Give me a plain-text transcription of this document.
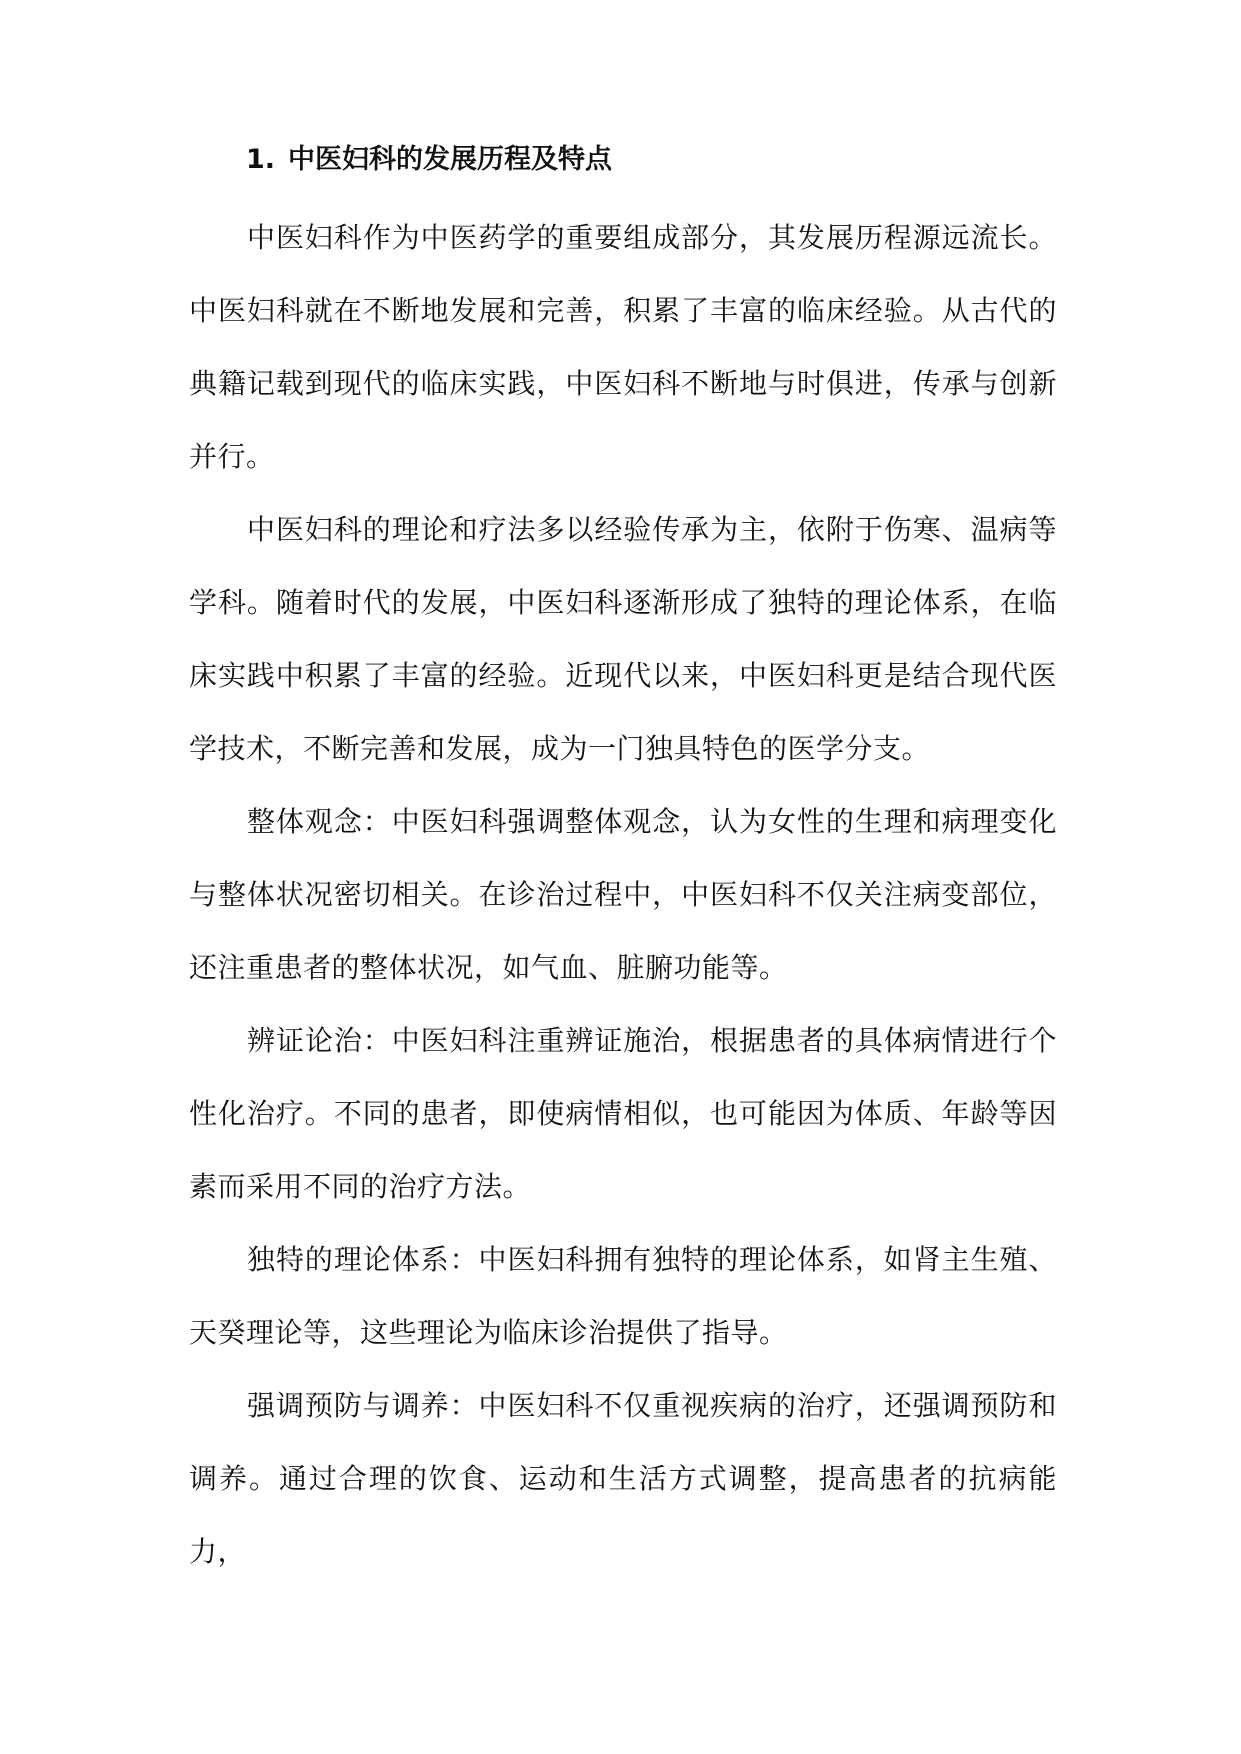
1. 中医妇科的发展历程及特点

中医妇科作为中医药学的重要组成部分，其发展历程源远流长。中医妇科就在不断地发展和完善，积累了丰富的临床经验。从古代的典籍记载到现代的临床实践，中医妇科不断地与时俱进，传承与创新并行。

中医妇科的理论和疗法多以经验传承为主，依附于伤寒、温病等学科。随着时代的发展，中医妇科逐渐形成了独特的理论体系，在临床实践中积累了丰富的经验。近现代以来，中医妇科更是结合现代医学技术，不断完善和发展，成为一门独具特色的医学分支。

整体观念：中医妇科强调整体观念，认为女性的生理和病理变化与整体状况密切相关。在诊治过程中，中医妇科不仅关注病变部位，还注重患者的整体状况，如气血、脏腑功能等。

辨证论治：中医妇科注重辨证施治，根据患者的具体病情进行个性化治疗。不同的患者，即使病情相似，也可能因为体质、年龄等因素而采用不同的治疗方法。

独特的理论体系：中医妇科拥有独特的理论体系，如肾主生殖、天癸理论等，这些理论为临床诊治提供了指导。

强调预防与调养：中医妇科不仅重视疾病的治疗，还强调预防和调养。通过合理的饮食、运动和生活方式调整，提高患者的抗病能力，
